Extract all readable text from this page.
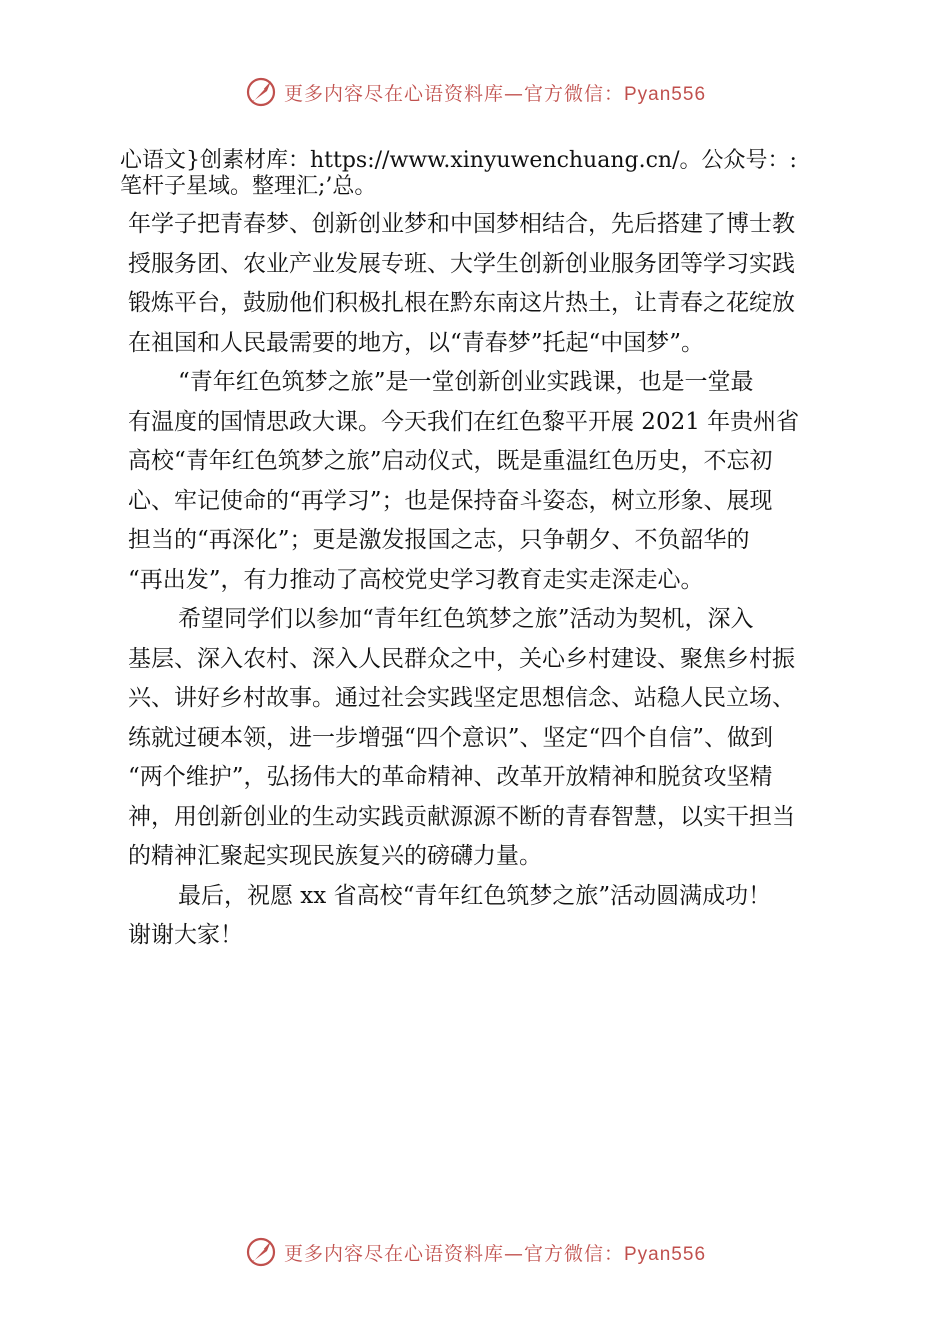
更多内容尽在心语资料库—官方微信：Pyan556
心语文}创素材库：https://www.xinyuwenchuang.cn/。公众号：:
笔杆子星域。整理汇;’总。
年学子把青春梦、创新创业梦和中国梦相结合，先后搭建了博士教
授服务团、农业产业发展专班、大学生创新创业服务团等学习实践
锻炼平台，鼓励他们积极扎根在黔东南这片热土，让青春之花绽放
在祖国和人民最需要的地方，以“青春梦”托起“中国梦”。
“青年红色筑梦之旅”是一堂创新创业实践课，也是一堂最
有温度的国情思政大课。今天我们在红色黎平开展 2021 年贵州省
高校“青年红色筑梦之旅”启动仪式，既是重温红色历史，不忘初
心、牢记使命的“再学习”；也是保持奋斗姿态，树立形象、展现
担当的“再深化”；更是激发报国之志，只争朝夕、不负韶华的
“再出发”，有力推动了高校党史学习教育走实走深走心。
希望同学们以参加“青年红色筑梦之旅”活动为契机，深入
基层、深入农村、深入人民群众之中，关心乡村建设、聚焦乡村振
兴、讲好乡村故事。通过社会实践坚定思想信念、站稳人民立场、
练就过硬本领，进一步增强“四个意识”、坚定“四个自信”、做到
“两个维护”，弘扬伟大的革命精神、改革开放精神和脱贫攻坚精
神，用创新创业的生动实践贡献源源不断的青春智慧，以实干担当
的精神汇聚起实现民族复兴的磅礴力量。
最后，祝愿 xx 省高校“青年红色筑梦之旅”活动圆满成功！
谢谢大家！
更多内容尽在心语资料库—官方微信：Pyan556
